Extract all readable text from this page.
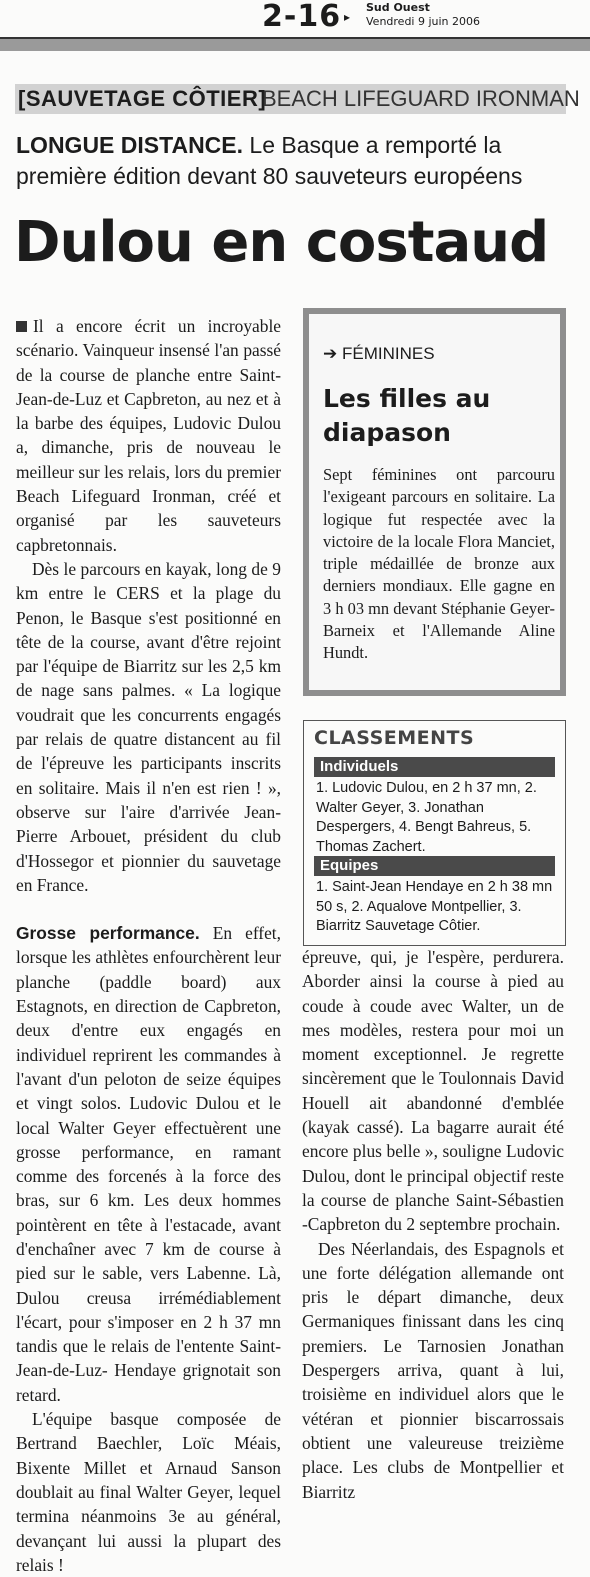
2-16 ▸
Sud Ouest
Vendredi 9 juin 2006
[SAUVETAGE CÔTIER]
BEACH LIFEGUARD IRONMAN
LONGUE DISTANCE. Le Basque a remporté la première édition devant 80 sauveteurs européens
Dulou en costaud

Il a encore écrit un incroyable scénario. Vainqueur insensé l'an passé de la course de planche entre Saint-Jean-de-Luz et Capbreton, au nez et à la barbe des équipes, Ludovic Dulou a, dimanche, pris de nouveau le meilleur sur les relais, lors du premier Beach Lifeguard Ironman, créé et organisé par les sauveteurs capbretonnais.

Dès le parcours en kayak, long de 9 km entre le CERS et la plage du Penon, le Basque s'est positionné en tête de la course, avant d'être rejoint par l'équipe de Biarritz sur les 2,5 km de nage sans palmes. « La logique voudrait que les concurrents engagés par relais de quatre distancent au fil de l'épreuve les participants inscrits en solitaire. Mais il n'en est rien ! », observe sur l'aire d'arrivée Jean-Pierre Arbouet, président du club d'Hossegor et pionnier du sauvetage en France.

Grosse performance. En effet, lorsque les athlètes enfourchèrent leur planche (paddle board) aux Estagnots, en direction de Capbreton, deux d'entre eux engagés en individuel reprirent les commandes à l'avant d'un peloton de seize équipes et vingt solos. Ludovic Dulou et le local Walter Geyer effectuèrent une grosse performance, en ramant comme des forcenés à la force des bras, sur 6 km. Les deux hommes pointèrent en tête à l'estacade, avant d'enchaîner avec 7 km de course à pied sur le sable, vers Labenne. Là, Dulou creusa irrémédiablement l'écart, pour s'imposer en 2 h 37 mn tandis que le relais de l'entente Saint-Jean-de-Luz- Hendaye grignotait son retard.

L'équipe basque composée de Bertrand Baechler, Loïc Méais, Bixente Millet et Arnaud Sanson doublait au final Walter Geyer, lequel termina néanmoins 3e au général, devançant lui aussi la plupart des relais !

➔ FÉMININES
Les filles au diapason
Sept féminines ont parcouru l'exigeant parcours en solitaire. La logique fut respectée avec la victoire de la locale Flora Manciet, triple médaillée de bronze aux derniers mondiaux. Elle gagne en 3 h 03 mn devant Stéphanie Geyer-Barneix et l'Allemande Aline Hundt.
CLASSEMENTS
Individuels
1. Ludovic Dulou, en 2 h 37 mn, 2. Walter Geyer, 3. Jonathan Despergers, 4. Bengt Bahreus, 5. Thomas Zachert.
Equipes
1. Saint-Jean Hendaye en 2 h 38 mn 50 s, 2. Aqualove Montpellier, 3. Biarritz Sauvetage Côtier.

épreuve, qui, je l'espère, perdurera. Aborder ainsi la course à pied au coude à coude avec Walter, un de mes modèles, restera pour moi un moment exceptionnel. Je regrette sincèrement que le Toulonnais David Houell ait abandonné d'emblée (kayak cassé). La bagarre aurait été encore plus belle », souligne Ludovic Dulou, dont le principal objectif reste la course de planche Saint-Sébastien -Capbreton du 2 septembre prochain.

Des Néerlandais, des Espagnols et une forte délégation allemande ont pris le départ dimanche, deux Germaniques finissant dans les cinq premiers. Le Tarnosien Jonathan Despergers arriva, quant à lui, troisième en individuel alors que le vétéran et pionnier biscarrossais obtient une valeureuse treizième place. Les clubs de Montpellier et Biarritz
